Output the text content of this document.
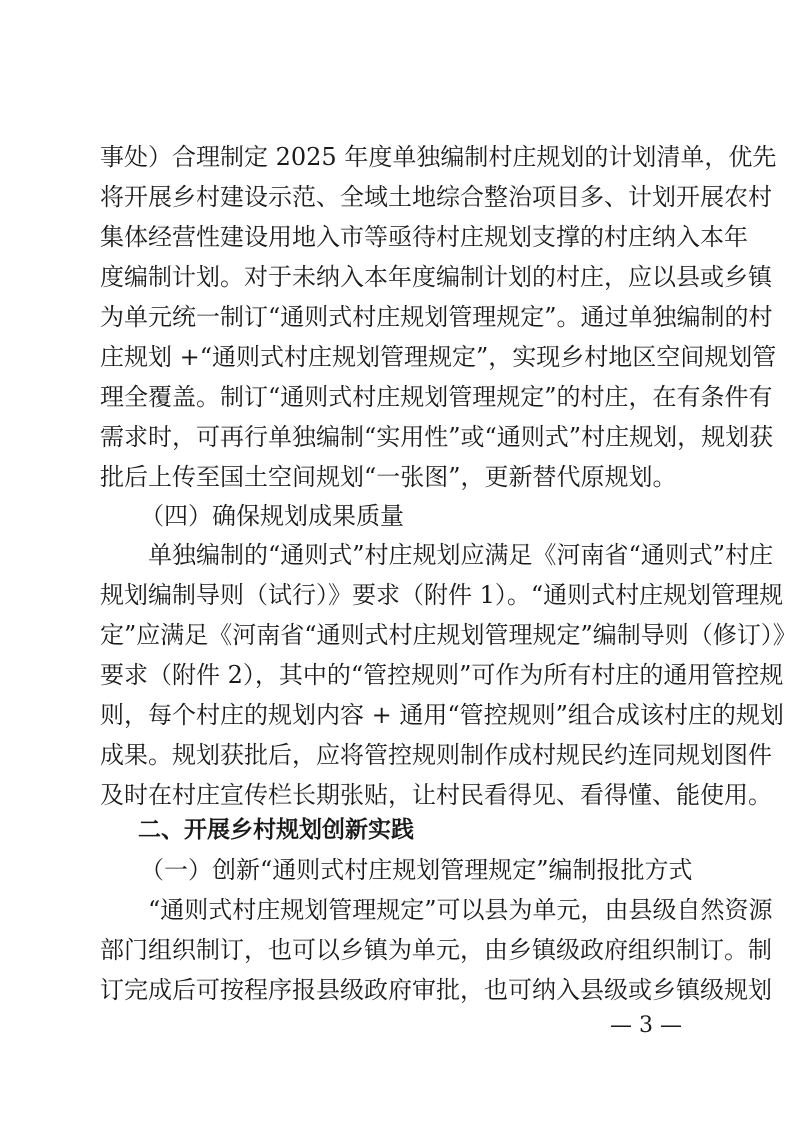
事处）合理制定 2025 年度单独编制村庄规划的计划清单，优先
将开展乡村建设示范、全域土地综合整治项目多、计划开展农村
集体经营性建设用地入市等亟待村庄规划支撑的村庄纳入本年
度编制计划。对于未纳入本年度编制计划的村庄，应以县或乡镇
为单元统一制订“通则式村庄规划管理规定”。通过单独编制的村
庄规划 +“通则式村庄规划管理规定”，实现乡村地区空间规划管
理全覆盖。制订“通则式村庄规划管理规定”的村庄，在有条件有
需求时，可再行单独编制“实用性”或“通则式”村庄规划，规划获
批后上传至国土空间规划“一张图”，更新替代原规划。
（四）确保规划成果质量
单独编制的“通则式”村庄规划应满足《河南省“通则式”村庄
规划编制导则（试行）》要求（附件 1）。“通则式村庄规划管理规
定”应满足《河南省“通则式村庄规划管理规定”编制导则（修订）》
要求（附件 2），其中的“管控规则”可作为所有村庄的通用管控规
则，每个村庄的规划内容 + 通用“管控规则”组合成该村庄的规划
成果。规划获批后，应将管控规则制作成村规民约连同规划图件
及时在村庄宣传栏长期张贴，让村民看得见、看得懂、能使用。
二、开展乡村规划创新实践
（一）创新“通则式村庄规划管理规定”编制报批方式
“通则式村庄规划管理规定”可以县为单元，由县级自然资源
部门组织制订，也可以乡镇为单元，由乡镇级政府组织制订。制
订完成后可按程序报县级政府审批，也可纳入县级或乡镇级规划
— 3 —
